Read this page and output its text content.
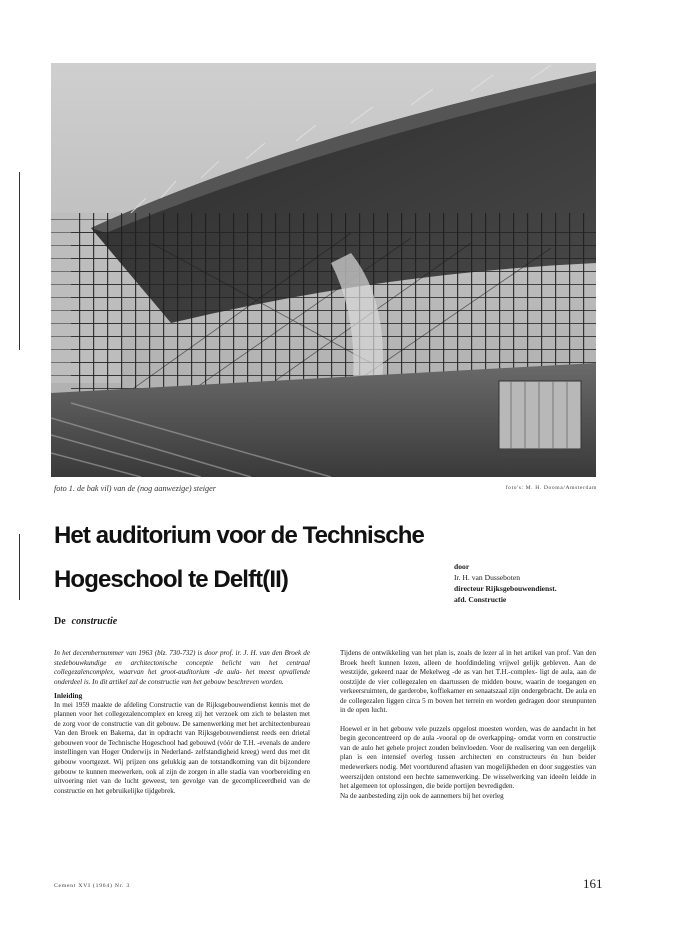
foto 1. de bak vil) van de (nog aanwezige) steiger	foto's: M. H. Dooma/Amsterdam
Het auditorium voor de Technische
Hogeschool te Delft(II)
De constructie
door
Ir. H. van Dusseboten
directeur Rijksgebouwendienst.
afd. Constructie

In het decembernummer van 1963 (blz. 730-732) is door prof. ir. J. H. van den Broek de stedebouwkundige en architectonische conceptie belicht van het centraal collegezalencomplex, waarvan het groot-auditorium -de aula- het meest opvallende onderdeel is. In dit artikel zal de constructie van het gebouw beschreven worden.

Inleiding

In mei 1959 maakte de afdeling Constructie van de Rijksgebouwendienst kennis met de plannen voor het collegezalencomplex en kreeg zij het verzoek om zich te belasten met de zorg voor de constructie van dit gebouw. De samenwerking met het architectenbureau Van den Broek en Bakema, dat in opdracht van Rijksgebouwendienst reeds een drietal gebouwen voor de Technische Hogeschool had gebouwd (vóór de T.H. -evenals de andere instellingen van Hoger Onderwijs in Nederland- zelfstandigheid kreeg) werd dus met dit gebouw voortgezet. Wij prijzen ons gelukkig aan de totstandkoming van dit bijzondere gebouw te kunnen meewerken, ook al zijn de zorgen in alle stadia van voorbereiding en uitvoering niet van de lucht geweest, ten gevolge van de gecompliceerdheid van de constructie en het gebruikelijke tijdgebrek.

Tijdens de ontwikkeling van het plan is, zoals de lezer al in het artikel van prof. Van den Broek heeft kunnen lezen, alleen de hoofdindeling vrijwel gelijk gebleven. Aan de westzijde, gekeerd naar de Mekelweg -de as van het T.H.-complex- ligt de aula, aan de oostzijde de vier collegezalen en daartussen de midden bouw, waarin de toegangen en verkeersruimten, de garderobe, koffiekamer en senaatszaal zijn ondergebracht. De aula en de collegezalen liggen circa 5 m boven het terrein en worden gedragen door steunpunten in de open lucht.

Hoewel er in het gebouw vele puzzels opgelost moesten worden, was de aandacht in het begin geconcentreerd op de aula -vooral op de overkapping- omdat vorm en constructie van de aulo het gehele project zouden beïnvloeden. Voor de realisering van een dergelijk plan is een intensief overleg tussen architecten en constructeurs én hun beider medewerkers nodig. Met voortdurend aftasten van mogelijkheden en door suggesties van weerszijden ontstond een hechte samenwerking. De wisselwerking van ideeën leidde in het algemeen tot oplossingen, die beide portijen bevredigden.

Na de aanbesteding zijn ook de aannemers bij het overleg

Cement XVI (1964) Nr. 3	161
